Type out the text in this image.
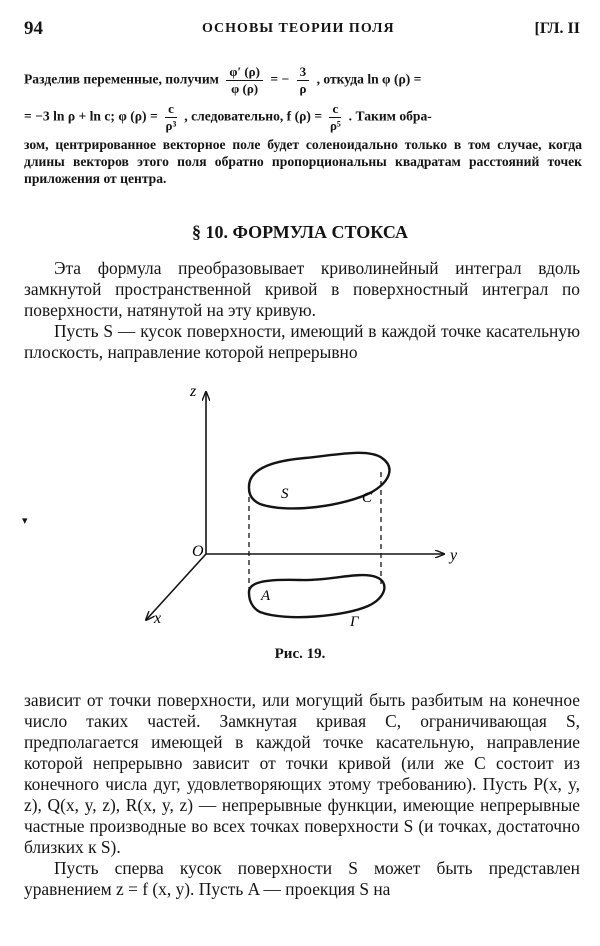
94	ОСНОВЫ ТЕОРИИ ПОЛЯ	[ГЛ. II
Разделив переменные, получим $\frac{\varphi' (\rho)}{\varphi (\rho)}$ = − $\frac{3}{\rho}$ , откуда ln φ (ρ) =
= −3 ln ρ + ln c; φ $(\rho) = \frac{c}{\text{ρ³}}$ , следовательно, f $(\rho) = \frac{c}{\text{ρ⁵}}$ . Таким обра-

зом, центрированное векторное поле будет соленоидально только в том случае, когда длины векторов этого поля обратно пропорциональны квадратам расстояний точек приложения от центра.

§ 10. ФОРМУЛА СТОКСА

Эта формула преобразовывает криволинейный интеграл вдоль замкнутой пространственной кривой в поверхностный интеграл по поверхности, натянутой на эту кривую.

Пусть S — кусок поверхности, имеющий в каждой точке касательную плоскость, направление которой непрерывно

▾
z
y
x
O
S	C
A
Γ
Рис. 19.

зависит от точки поверхности, или могущий быть разбитым на конечное число таких частей. Замкнутая кривая C, ограничивающая S, предполагается имеющей в каждой точке касательную, направление которой непрерывно зависит от точки кривой (или же C состоит из конечного числа дуг, удовлетворяющих этому требованию). Пусть P(x, y, z), Q(x, y, z), R(x, y, z) — непрерывные функции, имеющие непрерывные частные производные во всех точках поверхности S (и точках, достаточно близких к S).

Пусть сперва кусок поверхности S может быть представлен уравнением z = f (x, y). Пусть A — проекция S на
